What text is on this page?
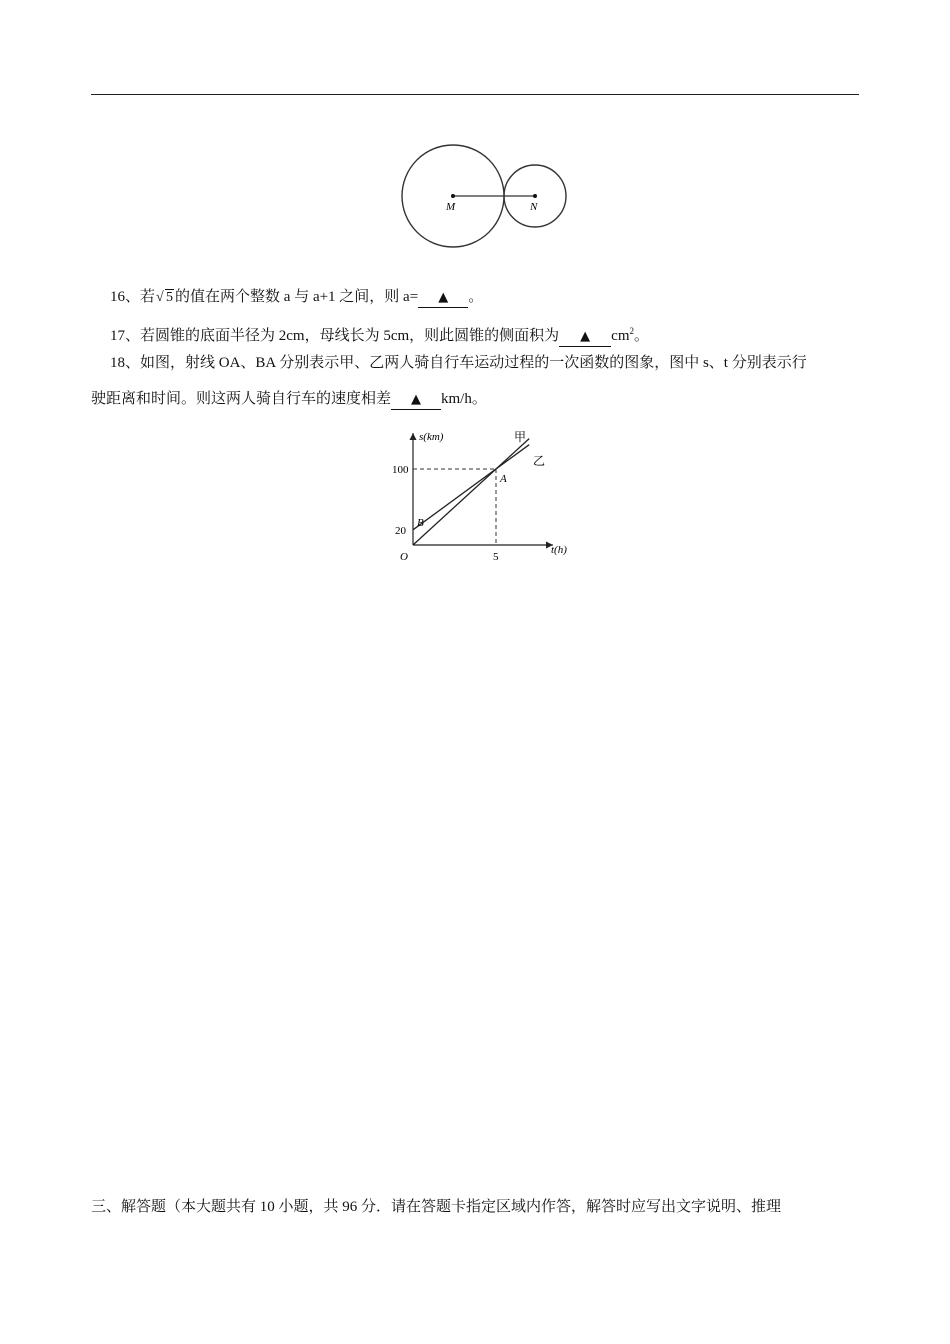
M	N
16、若 √ 5 的值在两个整数 a 与 a+1 之间，则 a= ▲ 。
17、若圆锥的底面半径为 2cm，母线长为 5cm，则此圆锥的侧面积为 ▲ $cm^2$。
18、如图，射线 OA、BA 分别表示甲、乙两人骑自行车运动过程的一次函数的图象，图中 s、t 分别表示行
驶距离和时间。则这两人骑自行车的速度相差 ▲ km/h。
s(km)
t(h)
O
100
20
5
A
B
甲
乙
三、解答题（本大题共有 10 小题，共 96 分．请在答题卡指定区域内作答，解答时应写出文字说明、推理
